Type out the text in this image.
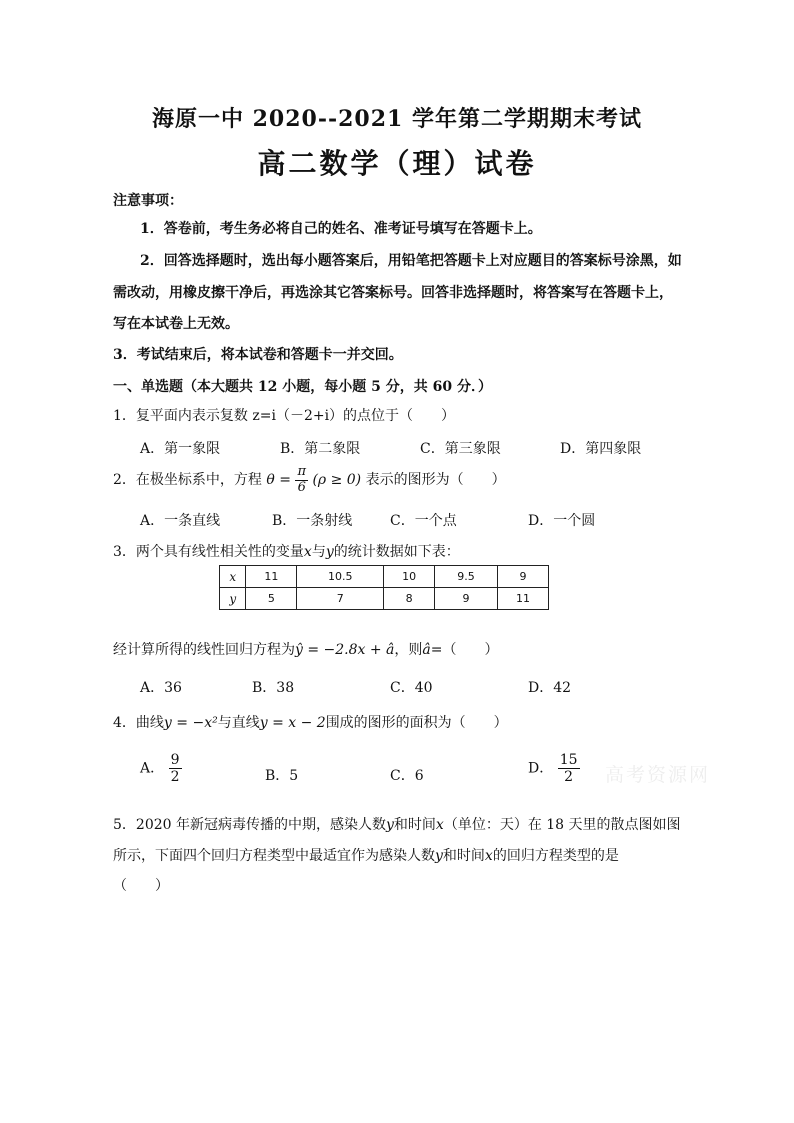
海原一中 2020--2021 学年第二学期期末考试
高二数学（理）试卷
注意事项：
1．答卷前，考生务必将自己的姓名、准考证号填写在答题卡上。
2．回答选择题时，选出每小题答案后，用铅笔把答题卡上对应题目的答案标号涂黑，如
需改动，用橡皮擦干净后，再选涂其它答案标号。回答非选择题时，将答案写在答题卡上，
写在本试卷上无效。
3．考试结束后，将本试卷和答题卡一并交回。
一、单选题（本大题共 12 小题，每小题 5 分，共 60 分．）
1．复平面内表示复数 z=i（－2+i）的点位于（　　）
A．第一象限	B．第二象限	C．第三象限	D．第四象限
2．在极坐标系中，方程 $\theta = \frac{\pi}{6} (\rho \ge 0)$ 表示的图形为（　　）
A．一条直线	B．一条射线	C．一个点	D．一个圆
3．两个具有线性相关性的变量x与y的统计数据如下表：
x	11	10.5	10	9.5	9
y	5	7	8	9	11
经计算所得的线性回归方程为ŷ = −2.8x + â，则â=（　　）
A．36	B．38	C．40	D．42
4．曲线y = −x²与直线y = x − 2围成的图形的面积为（　　）
A． $\frac{9}{2}$	B．5	C．6	D． $\frac{15}{2}$ 高考资源网
5．2020 年新冠病毒传播的中期，感染人数y和时间x（单位：天）在 18 天里的散点图如图
所示，下面四个回归方程类型中最适宜作为感染人数y和时间x的回归方程类型的是
（　　）
